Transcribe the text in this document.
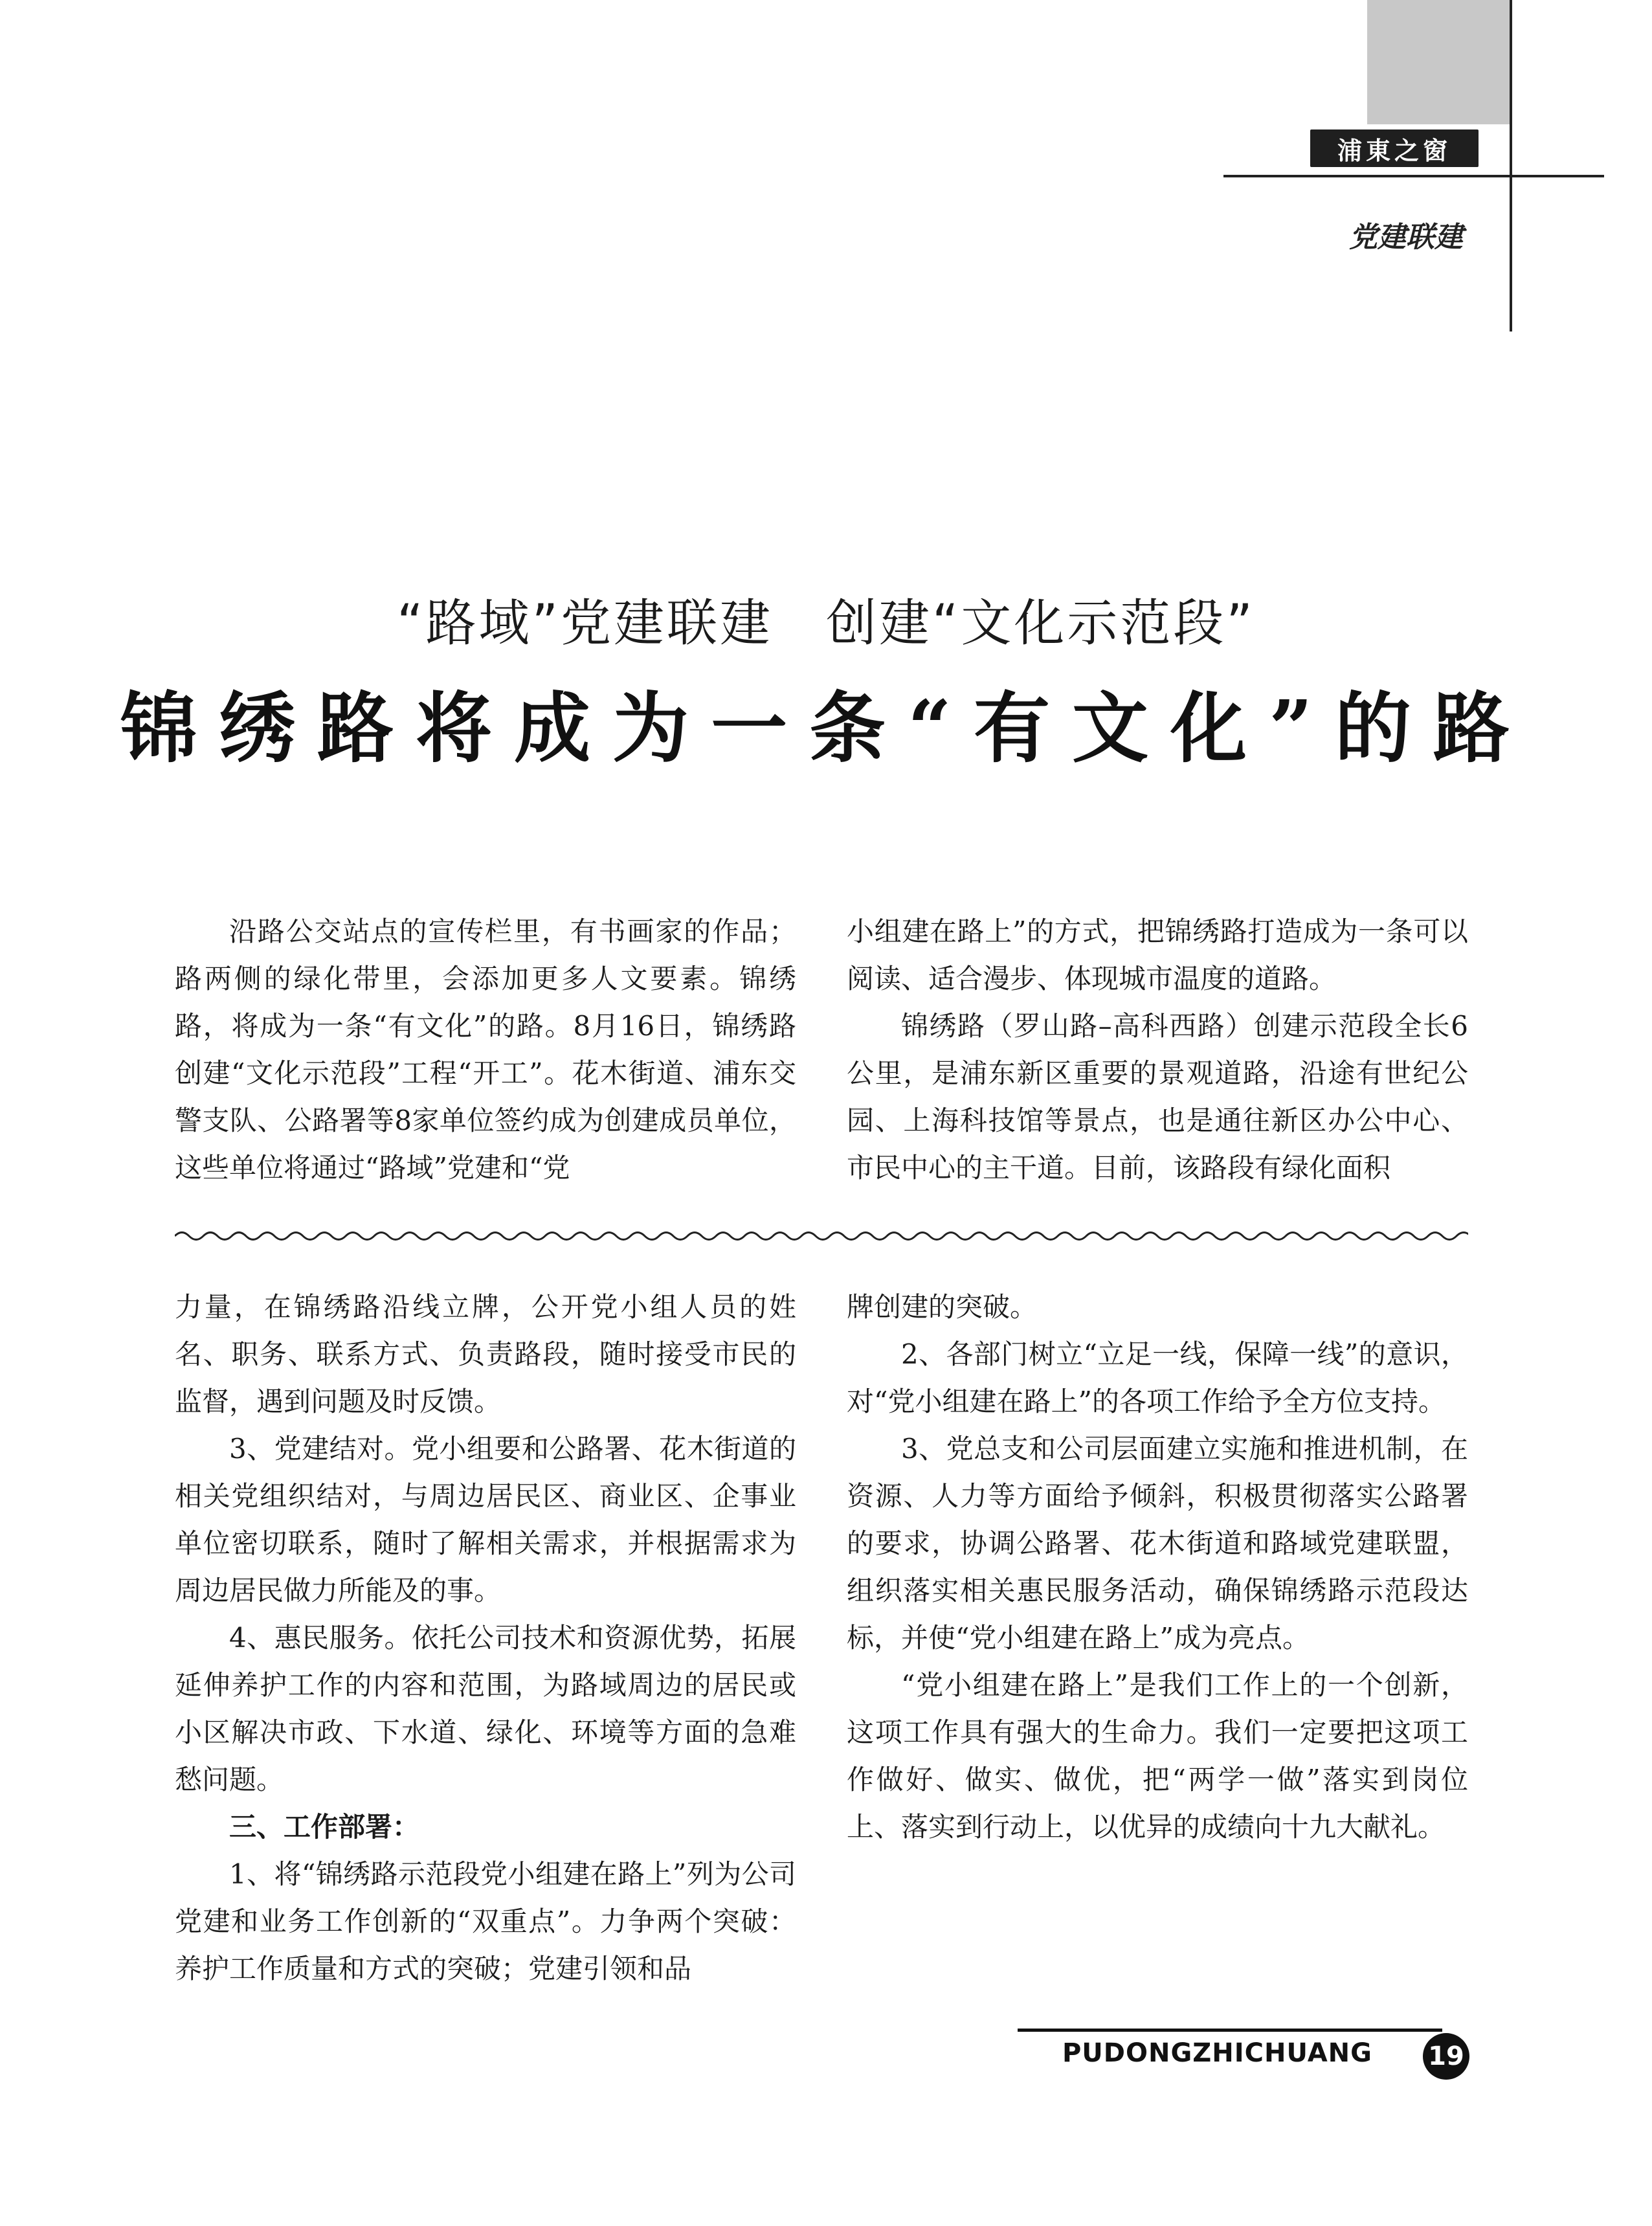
浦東之窗
党建联建
“路域”党建联建　创建“文化示范段”
锦绣路将成为一条“有文化”的路

沿路公交站点的宣传栏里，有书画家的作品；路两侧的绿化带里，会添加更多人文要素。锦绣路，将成为一条“有文化”的路。8月16日，锦绣路创建“文化示范段”工程“开工”。花木街道、浦东交警支队、公路署等8家单位签约成为创建成员单位，这些单位将通过“路域”党建和“党

小组建在路上”的方式，把锦绣路打造成为一条可以阅读、适合漫步、体现城市温度的道路。

锦绣路（罗山路–高科西路）创建示范段全长6公里，是浦东新区重要的景观道路，沿途有世纪公园、上海科技馆等景点，也是通往新区办公中心、市民中心的主干道。目前，该路段有绿化面积

力量，在锦绣路沿线立牌，公开党小组人员的姓名、职务、联系方式、负责路段，随时接受市民的监督，遇到问题及时反馈。

3、党建结对。党小组要和公路署、花木街道的相关党组织结对，与周边居民区、商业区、企事业单位密切联系，随时了解相关需求，并根据需求为周边居民做力所能及的事。

4、惠民服务。依托公司技术和资源优势，拓展延伸养护工作的内容和范围，为路域周边的居民或小区解决市政、下水道、绿化、环境等方面的急难愁问题。

三、工作部署：

1、将“锦绣路示范段党小组建在路上”列为公司党建和业务工作创新的“双重点”。力争两个突破：养护工作质量和方式的突破；党建引领和品

牌创建的突破。

2、各部门树立“立足一线，保障一线”的意识，对“党小组建在路上”的各项工作给予全方位支持。

3、党总支和公司层面建立实施和推进机制，在资源、人力等方面给予倾斜，积极贯彻落实公路署的要求，协调公路署、花木街道和路域党建联盟，组织落实相关惠民服务活动，确保锦绣路示范段达标，并使“党小组建在路上”成为亮点。

“党小组建在路上”是我们工作上的一个创新，这项工作具有强大的生命力。我们一定要把这项工作做好、做实、做优，把“两学一做”落实到岗位上、落实到行动上，以优异的成绩向十九大献礼。

PUDONGZHICHUANG 19
